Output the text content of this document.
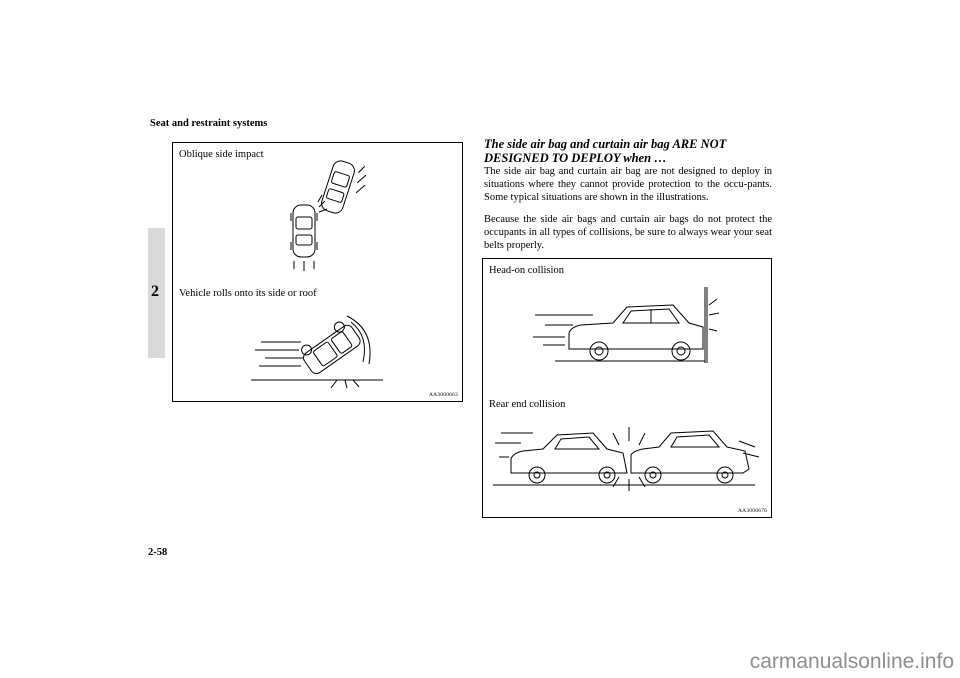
Seat and restraint systems
2
Oblique side impact
Vehicle rolls onto its side or roof
AA3000663
The side air bag and curtain air bag ARE NOT DESIGNED TO DEPLOY when …
The side air bag and curtain air bag are not designed to deploy in situations where they cannot provide protection to the occu-pants. Some typical situations are shown in the illustrations.
Because the side air bags and curtain air bags do not protect the occupants in all types of collisions, be sure to always wear your seat belts properly.
Head-on collision
Rear end collision
AA3000676
2-58
carmanualsonline.info
